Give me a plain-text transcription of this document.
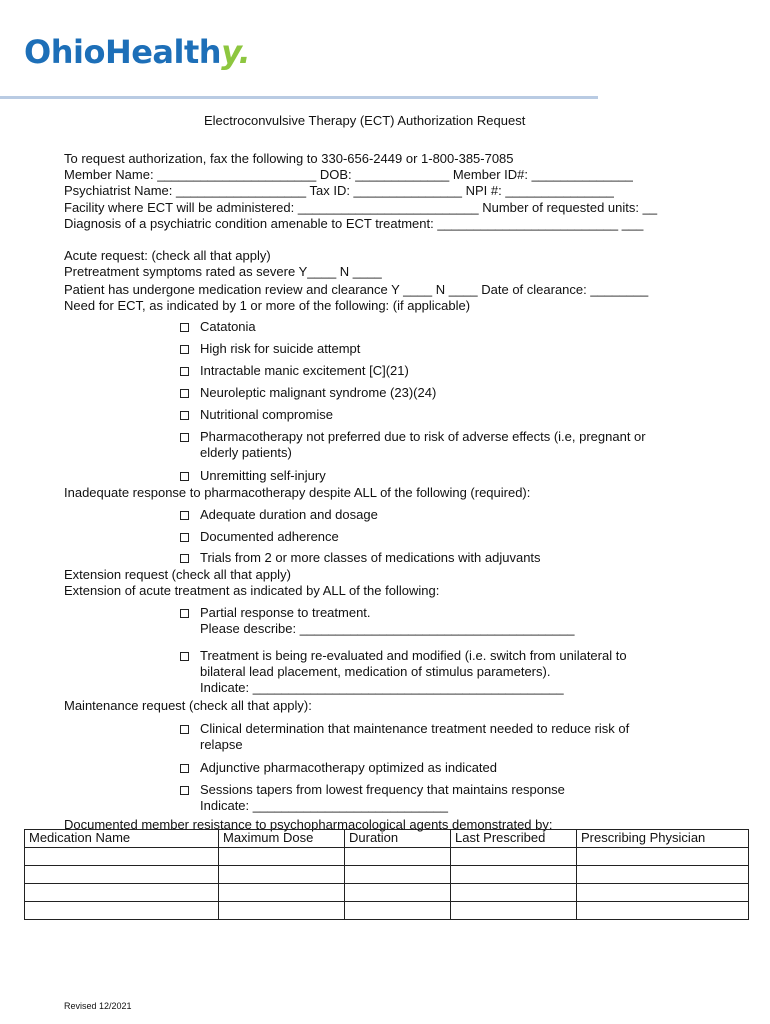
OhioHealthy.
Electroconvulsive Therapy (ECT) Authorization Request
To request authorization, fax the following to 330-656-2449 or 1-800-385-7085
Member Name: ______________________ DOB: _____________ Member ID#: ______________
Psychiatrist Name: __________________ Tax ID: _______________ NPI #: _______________
Facility where ECT will be administered: _________________________ Number of requested units: __
Diagnosis of a psychiatric condition amenable to ECT treatment: _________________________ ___
Acute request: (check all that apply)
Pretreatment symptoms rated as severe Y____ N ____
Patient has undergone medication review and clearance Y ____ N ____ Date of clearance: ________
Need for ECT, as indicated by 1 or more of the following: (if applicable)
Catatonia
High risk for suicide attempt
Intractable manic excitement [C](21)
Neuroleptic malignant syndrome (23)(24)
Nutritional compromise
Pharmacotherapy not preferred due to risk of adverse effects (i.e, pregnant or
elderly patients)
Unremitting self-injury
Inadequate response to pharmacotherapy despite ALL of the following (required):
Adequate duration and dosage
Documented adherence
Trials from 2 or more classes of medications with adjuvants
Extension request (check all that apply)
Extension of acute treatment as indicated by ALL of the following:
Partial response to treatment.
Please describe: ______________________________________
Treatment is being re-evaluated and modified (i.e. switch from unilateral to
bilateral lead placement, medication of stimulus parameters).
Indicate: ___________________________________________
Maintenance request (check all that apply):
Clinical determination that maintenance treatment needed to reduce risk of
relapse
Adjunctive pharmacotherapy optimized as indicated
Sessions tapers from lowest frequency that maintains response
Indicate: ___________________________
Documented member resistance to psychopharmacological agents demonstrated by:
Medication Name	Maximum Dose	Duration	Last Prescribed	Prescribing Physician

Revised 12/2021
